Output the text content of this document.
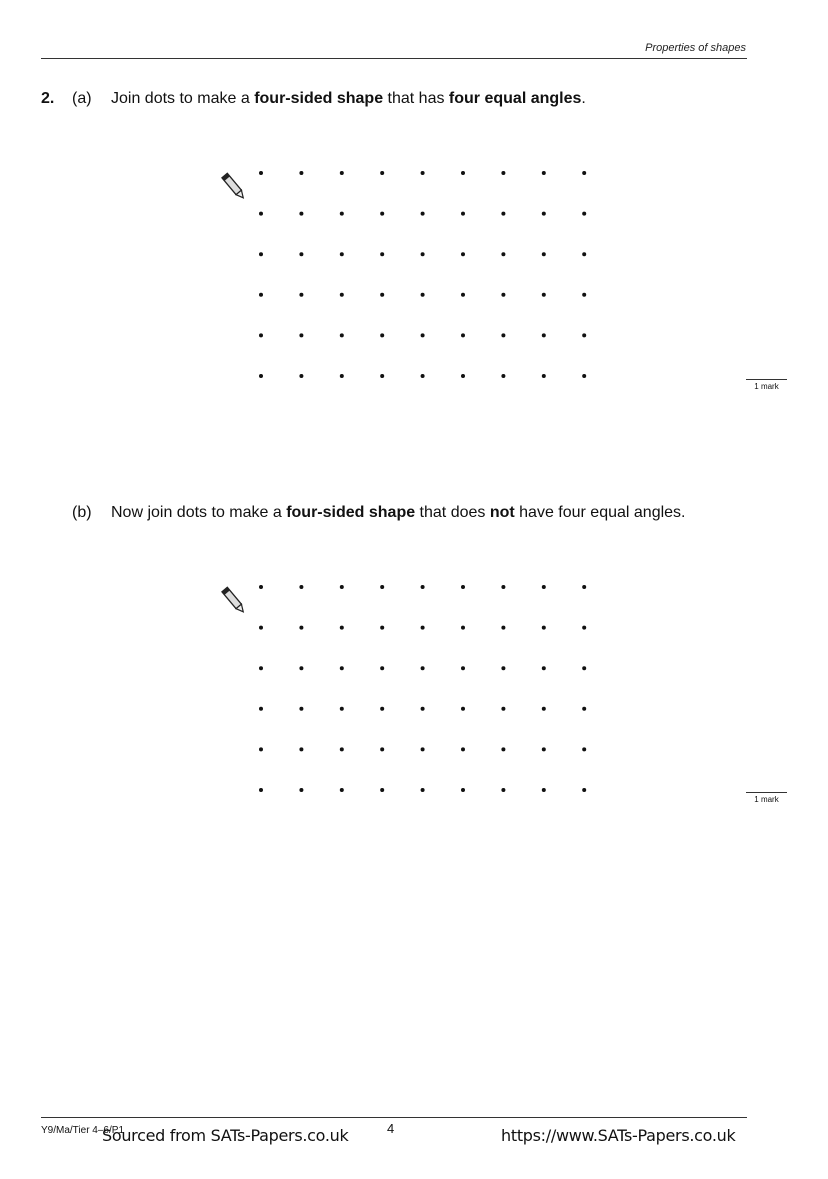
Properties of shapes
2. (a) Join dots to make a four-sided shape that has four equal angles.
1 mark
(b) Now join dots to make a four-sided shape that does not have four equal angles.
1 mark
Y9/Ma/Tier 4–6/P1
Sourced from SATs-Papers.co.uk	4	https://www.SATs-Papers.co.uk
